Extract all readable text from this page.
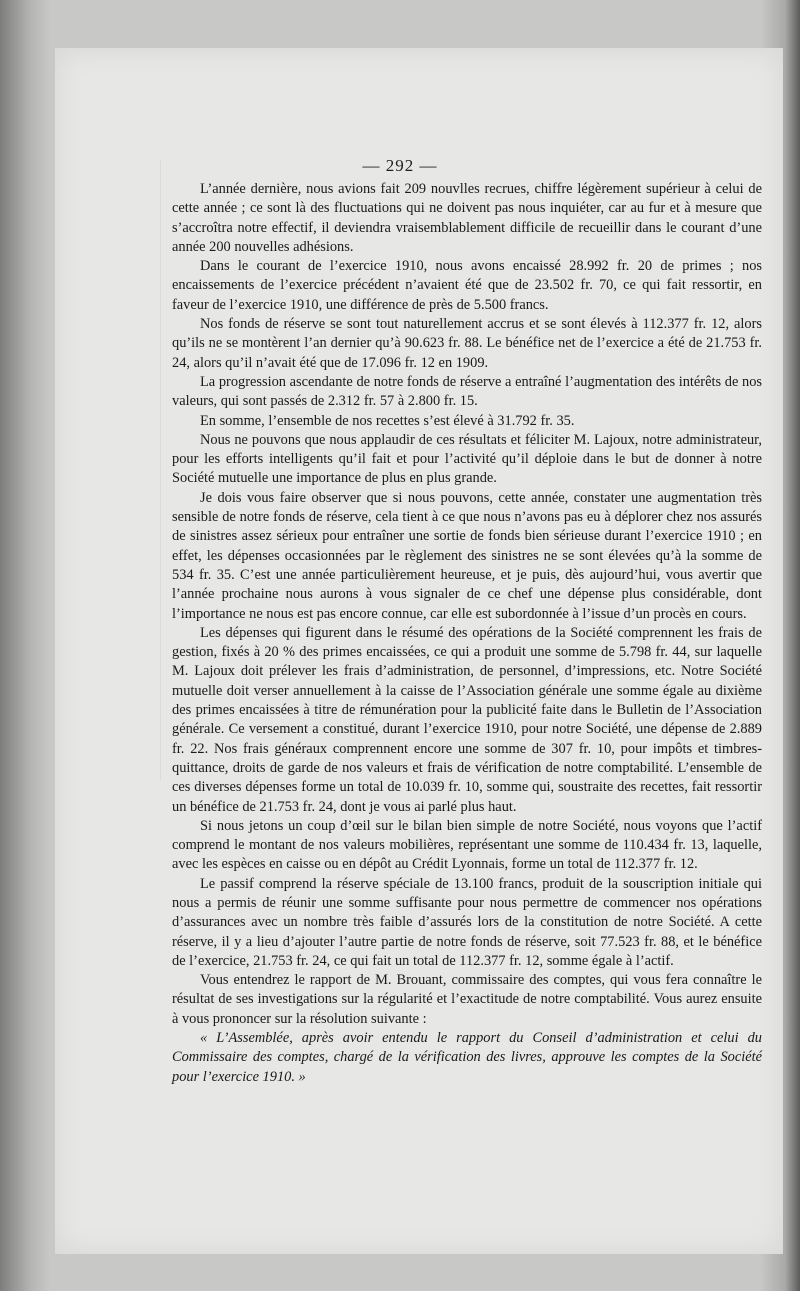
— 292 —

L’année dernière, nous avions fait 209 nouvlles recrues, chiffre légèrement supérieur à celui de cette année ; ce sont là des fluctuations qui ne doivent pas nous inquiéter, car au fur et à mesure que s’accroîtra notre effectif, il deviendra vraisemblablement difficile de recueillir dans le courant d’une année 200 nouvelles adhésions.

Dans le courant de l’exercice 1910, nous avons encaissé 28.992 fr. 20 de primes ; nos encaissements de l’exercice précédent n’avaient été que de 23.502 fr. 70, ce qui fait ressortir, en faveur de l’exercice 1910, une différence de près de 5.500 francs.

Nos fonds de réserve se sont tout naturellement accrus et se sont élevés à 112.377 fr. 12, alors qu’ils ne se montèrent l’an dernier qu’à 90.623 fr. 88. Le bénéfice net de l’exercice a été de 21.753 fr. 24, alors qu’il n’avait été que de 17.096 fr. 12 en 1909.

La progression ascendante de notre fonds de réserve a entraîné l’augmentation des intérêts de nos valeurs, qui sont passés de 2.312 fr. 57 à 2.800 fr. 15.

En somme, l’ensemble de nos recettes s’est élevé à 31.792 fr. 35.

Nous ne pouvons que nous applaudir de ces résultats et féliciter M. Lajoux, notre administrateur, pour les efforts intelligents qu’il fait et pour l’activité qu’il déploie dans le but de donner à notre Société mutuelle une importance de plus en plus grande.

Je dois vous faire observer que si nous pouvons, cette année, constater une augmentation très sensible de notre fonds de réserve, cela tient à ce que nous n’avons pas eu à déplorer chez nos assurés de sinistres assez sérieux pour entraîner une sortie de fonds bien sérieuse durant l’exercice 1910 ; en effet, les dépenses occasionnées par le règlement des sinistres ne se sont élevées qu’à la somme de 534 fr. 35. C’est une année particulièrement heureuse, et je puis, dès aujourd’hui, vous avertir que l’année prochaine nous aurons à vous signaler de ce chef une dépense plus considérable, dont l’importance ne nous est pas encore connue, car elle est subordonnée à l’issue d’un procès en cours.

Les dépenses qui figurent dans le résumé des opérations de la Société comprennent les frais de gestion, fixés à 20 % des primes encaissées, ce qui a produit une somme de 5.798 fr. 44, sur laquelle M. Lajoux doit prélever les frais d’administration, de personnel, d’impressions, etc. Notre Société mutuelle doit verser annuellement à la caisse de l’Association générale une somme égale au dixième des primes encaissées à titre de rémunération pour la publicité faite dans le Bulletin de l’Association générale. Ce versement a constitué, durant l’exercice 1910, pour notre Société, une dépense de 2.889 fr. 22. Nos frais généraux comprennent encore une somme de 307 fr. 10, pour impôts et timbres-quittance, droits de garde de nos valeurs et frais de vérification de notre comptabilité. L’ensemble de ces diverses dépenses forme un total de 10.039 fr. 10, somme qui, soustraite des recettes, fait ressortir un bénéfice de 21.753 fr. 24, dont je vous ai parlé plus haut.

Si nous jetons un coup d’œil sur le bilan bien simple de notre Société, nous voyons que l’actif comprend le montant de nos valeurs mobilières, représentant une somme de 110.434 fr. 13, laquelle, avec les espèces en caisse ou en dépôt au Crédit Lyonnais, forme un total de 112.377 fr. 12.

Le passif comprend la réserve spéciale de 13.100 francs, produit de la souscription initiale qui nous a permis de réunir une somme suffisante pour nous permettre de commencer nos opérations d’assurances avec un nombre très faible d’assurés lors de la constitution de notre Société. A cette réserve, il y a lieu d’ajouter l’autre partie de notre fonds de réserve, soit 77.523 fr. 88, et le bénéfice de l’exercice, 21.753 fr. 24, ce qui fait un total de 112.377 fr. 12, somme égale à l’actif.

Vous entendrez le rapport de M. Brouant, commissaire des comptes, qui vous fera connaître le résultat de ses investigations sur la régularité et l’exactitude de notre comptabilité. Vous aurez ensuite à vous prononcer sur la résolution suivante :

« L’Assemblée, après avoir entendu le rapport du Conseil d’administration et celui du Commissaire des comptes, chargé de la vérification des livres, approuve les comptes de la Société pour l’exercice 1910. »
